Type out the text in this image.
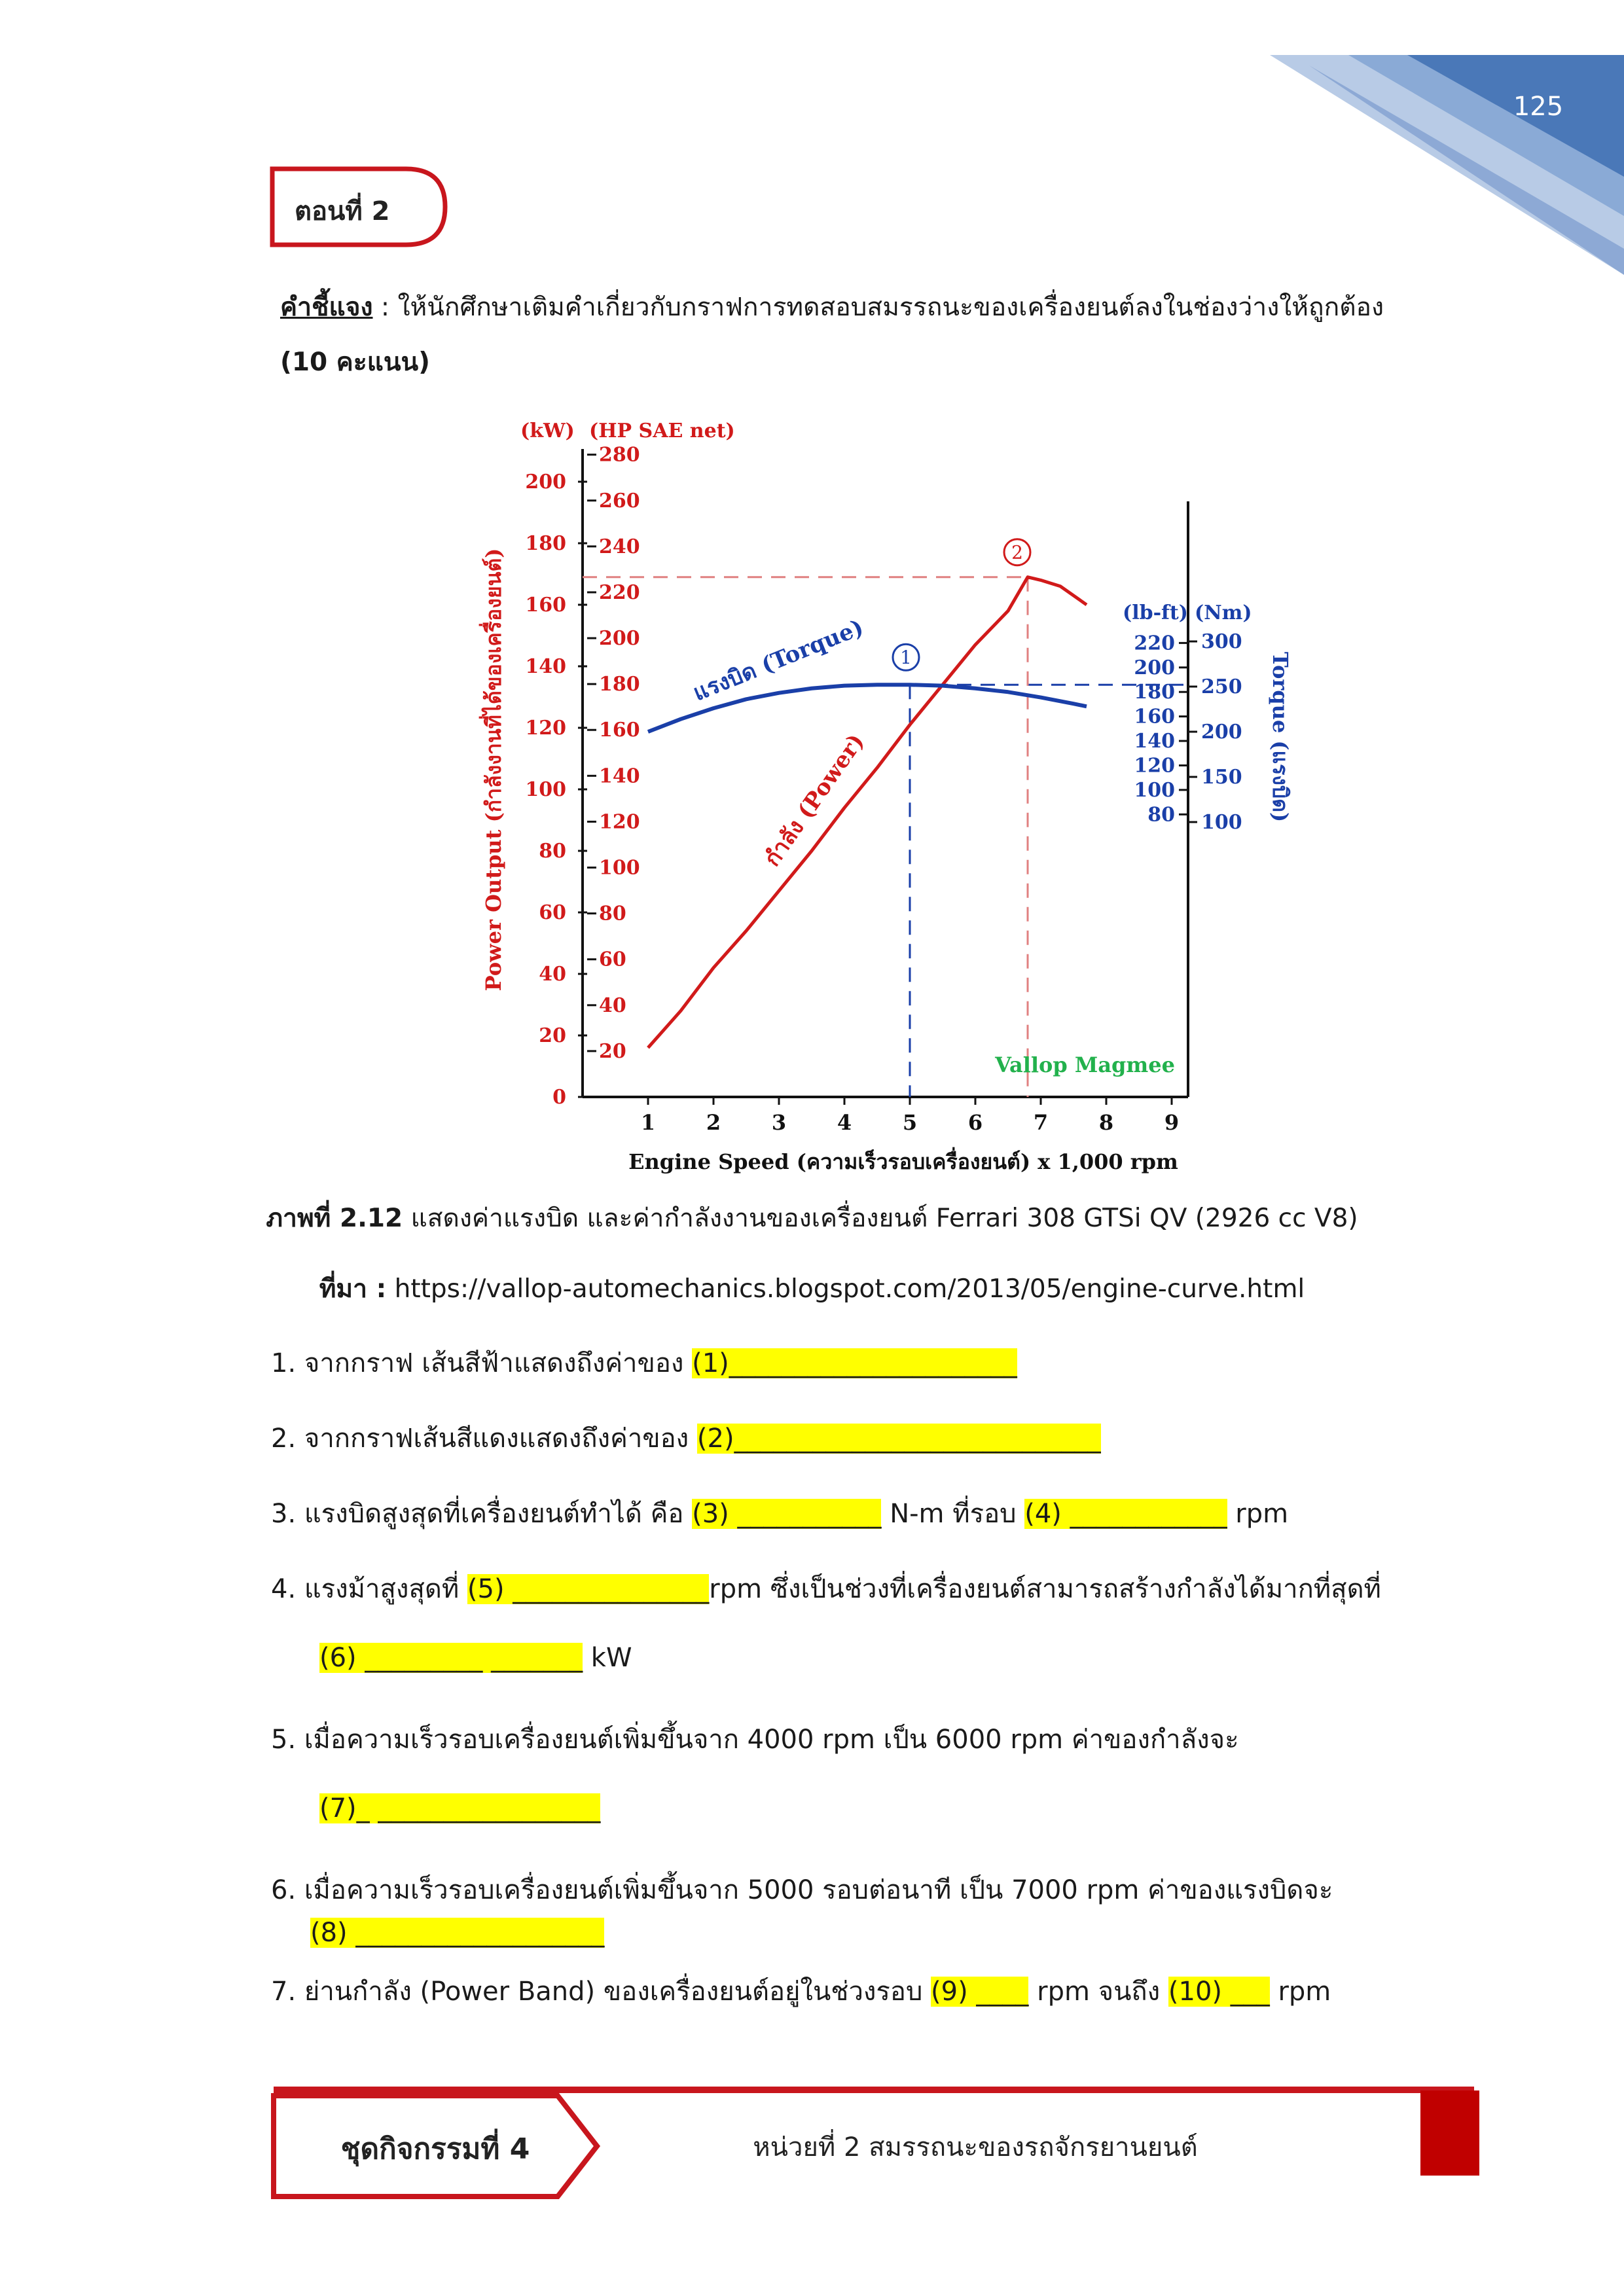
125
ตอนที่ 2
คำชี้แจง : ให้นักศึกษาเติมคำเกี่ยวกับกราฟการทดสอบสมรรถนะของเครื่องยนต์ลงในช่องว่างให้ถูกต้อง
(10 คะแนน)
0
20
40
60
80
100
120
140
160
180
200
(kW)
20
40
60
80
100
120
140
160
180
200
220
240
260
280
(HP SAE net)
1 2 3 4 5 6 7 8 9
Engine Speed (ความเร็วรอบเครื่องยนต์) x 1,000 rpm
Power Output (กำลังงานที่ได้ของเครื่องยนต์)	(lb-ft) (Nm)
80
100
120
140
160
180
200
220
100
150
200
250
300
Torque (แรงบิด)
1
2
แรงบิด (Torque)
กำลัง (Power)
Vallop Magmee
ภาพที่ 2.12 แสดงค่าแรงบิด และค่ากำลังงานของเครื่องยนต์ Ferrari 308 GTSi QV (2926 cc V8)
ที่มา : https://vallop-automechanics.blogspot.com/2013/05/engine-curve.html
1. จากกราฟ เส้นสีฟ้าแสดงถึงค่าของ (1)______________________
2. จากกราฟเส้นสีแดงแสดงถึงค่าของ (2)____________________________
3. แรงบิดสูงสุดที่เครื่องยนต์ทำได้ คือ (3) ___________ N-m ที่รอบ (4) ____________ rpm
4. แรงม้าสูงสุดที่ (5) _______________rpm ซึ่งเป็นช่วงที่เครื่องยนต์สามารถสร้างกำลังได้มากที่สุดที่
(6) _________ _______ kW
5. เมื่อความเร็วรอบเครื่องยนต์เพิ่มขึ้นจาก 4000 rpm เป็น 6000 rpm ค่าของกำลังจะ
(7)_ _________________
6. เมื่อความเร็วรอบเครื่องยนต์เพิ่มขึ้นจาก 5000 รอบต่อนาที เป็น 7000 rpm ค่าของแรงบิดจะ
(8) ___________________
7. ย่านกำลัง (Power Band) ของเครื่องยนต์อยู่ในช่วงรอบ (9) ____ rpm จนถึง (10) ___ rpm
ชุดกิจกรรมที่ 4	หน่วยที่ 2 สมรรถนะของรถจักรยานยนต์
